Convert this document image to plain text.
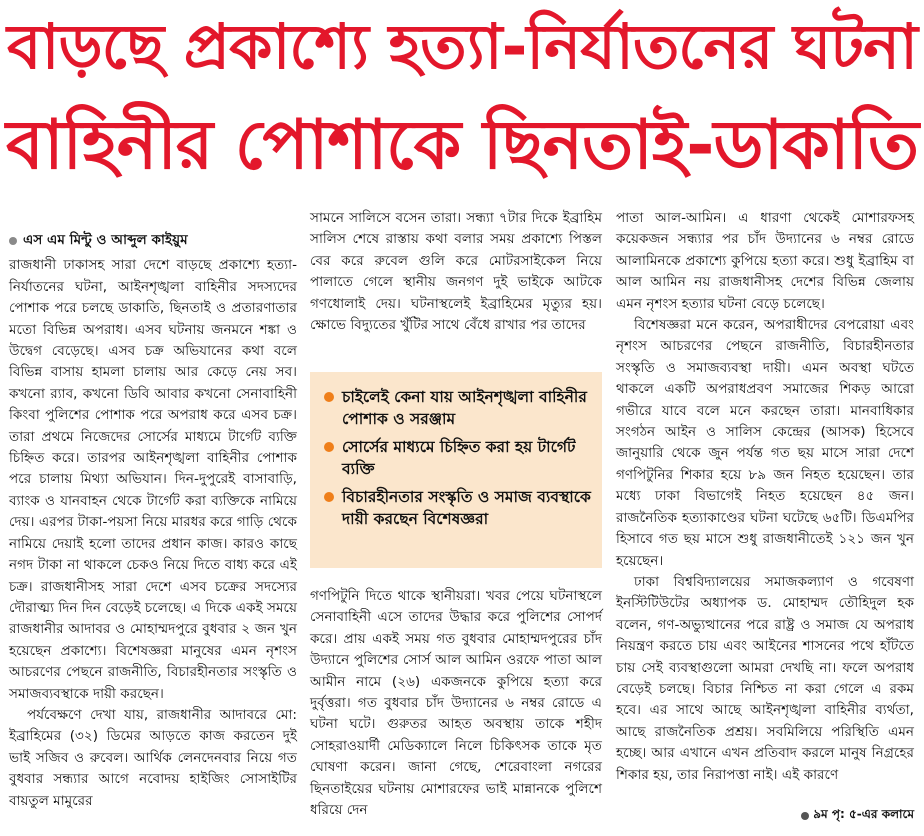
বাড়ছে প্রকাশ্যে হত্যা-নির্যাতনের ঘটনা
বাহিনীর পোশাকে ছিনতাই-ডাকাতি
এস এম মিন্টু ও আব্দুল কাইয়ুম

রাজধানী ঢাকাসহ সারা দেশে বাড়ছে প্রকাশ্যে হত্যা-নির্যাতনের ঘটনা, আইনশৃঙ্খলা বাহিনীর সদস্যদের পোশাক পরে চলছে ডাকাতি, ছিনতাই ও প্রতারণাতার মতো বিভিন্ন অপরাধ। এসব ঘটনায় জনমনে শঙ্কা ও উদ্বেগ বেড়েছে। এসব চক্র অভিযানের কথা বলে বিভিন্ন বাসায় হামলা চালায় আর কেড়ে নেয় সব। কখনো র‍্যাব, কখনো ডিবি আবার কখনো সেনাবাহিনী কিংবা পুলিশের পোশাক পরে অপরাধ করে এসব চক্র। তারা প্রথমে নিজেদের সোর্সের মাধ্যমে টার্গেট ব্যক্তি চিহ্নিত করে। তারপর আইনশৃঙ্খলা বাহিনীর পোশাক পরে চালায় মিথ্যা অভিযান। দিন-দুপুরেই বাসাবাড়ি, ব্যাংক ও যানবাহন থেকে টার্গেট করা ব্যক্তিকে নামিয়ে দেয়। এরপর টাকা-পয়সা নিয়ে মারধর করে গাড়ি থেকে নামিয়ে দেয়াই হলো তাদের প্রধান কাজ। কারও কাছে নগদ টাকা না থাকলে চেকও নিয়ে দিতে বাধ্য করে এই চক্র। রাজধানীসহ সারা দেশে এসব চক্রের সদস্যের দৌরাত্ম্য দিন দিন বেড়েই চলেছে। এ দিকে একই সময়ে রাজধানীর আদাবর ও মোহাম্মদপুরে বুধবার ২ জন খুন হয়েছেন প্রকাশ্যে। বিশেষজ্ঞরা মানুষের এমন নৃশংস আচরণের পেছনে রাজনীতি, বিচারহীনতার সংস্কৃতি ও সমাজব্যবস্থাকে দায়ী করছেন।

পর্যবেক্ষণে দেখা যায়, রাজধানীর আদাবরে মো: ইব্রাহিমের (৩২) ডিমের আড়তে কাজ করতেন দুই ভাই সজিব ও রুবেল। আর্থিক লেনদেনবার নিয়ে গত বুধবার সন্ধ্যার আগে নবোদয় হাইজিং সোসাইটির বায়তুল মামুরের

সামনে সালিসে বসেন তারা। সন্ধ্যা ৭টার দিকে ইব্রাহিম সালিস শেষে রাস্তায় কথা বলার সময় প্রকাশ্যে পিস্তল বের করে রুবেল গুলি করে মোটরসাইকেল নিয়ে পালাতে গেলে স্থানীয় জনগণ দুই ভাইকে আটকে গণধোলাই দেয়। ঘটনাস্থলেই ইব্রাহিমের মৃত্যুর হয়। ক্ষোভে বিদ্যুতের খুঁটির সাথে বেঁধে রাখার পর তাদের

চাইলেই কেনা যায় আইনশৃঙ্খলা বাহিনীর পোশাক ও সরঞ্জাম
সোর্সের মাধ্যমে চিহ্নিত করা হয় টার্গেট ব্যক্তি
বিচারহীনতার সংস্কৃতি ও সমাজ ব্যবস্থাকে দায়ী করছেন বিশেষজ্ঞরা

গণপিটুনি দিতে থাকে স্থানীয়রা। খবর পেয়ে ঘটনাস্থলে সেনাবাহিনী এসে তাদের উদ্ধার করে পুলিশের সোপর্দ করে। প্রায় একই সময় গত বুধবার মোহাম্মদপুরের চাঁদ উদ্যানে পুলিশের সোর্স আল আমিন ওরফে পাতা আল আমীন নামে (২৬) একজনকে কুপিয়ে হত্যা করে দুর্বৃত্তরা। গত বুধবার চাঁদ উদ্যানের ৬ নম্বর রোডে এ ঘটনা ঘটে। গুরুতর আহত অবস্থায় তাকে শহীদ সোহরাওয়ার্দী মেডিক্যালে নিলে চিকিৎসক তাকে মৃত ঘোষণা করেন। জানা গেছে, শেরেবাংলা নগরের ছিনতাইয়ের ঘটনায় মোশারফের ভাই মান্নানকে পুলিশে ধরিয়ে দেন

পাতা আল-আমিন। এ ধারণা থেকেই মোশারফসহ কয়েকজন সন্ধ্যার পর চাঁদ উদ্যানের ৬ নম্বর রোডে আলামিনকে প্রকাশ্যে কুপিয়ে হত্যা করে। শুধু ইব্রাহিম বা আল আমিন নয় রাজধানীসহ দেশের বিভিন্ন জেলায় এমন নৃশংস হত্যার ঘটনা বেড়ে চলেছে।

বিশেষজ্ঞরা মনে করেন, অপরাধীদের বেপরোয়া এবং নৃশংস আচরণের পেছনে রাজনীতি, বিচারহীনতার সংস্কৃতি ও সমাজব্যবস্থা দায়ী। এমন অবস্থা ঘটতে থাকলে একটি অপরাধপ্রবণ সমাজের শিকড় আরো গভীরে যাবে বলে মনে করছেন তারা। মানবাধিকার সংগঠন আইন ও সালিস কেন্দ্রের (আসক) হিসেবে জানুয়ারি থেকে জুন পর্যন্ত গত ছয় মাসে সারা দেশে গণপিটুনির শিকার হয়ে ৮৯ জন নিহত হয়েছেন। তার মধ্যে ঢাকা বিভাগেই নিহত হয়েছেন ৪৫ জন। রাজনৈতিক হত্যাকাণ্ডের ঘটনা ঘটেছে ৬৫টি। ডিএমপির হিসাবে গত ছয় মাসে শুধু রাজধানীতেই ১২১ জন খুন হয়েছেন।

ঢাকা বিশ্ববিদ্যালয়ের সমাজকল্যাণ ও গবেষণা ইনস্টিটিউটের অধ্যাপক ড. মোহাম্মদ তৌহিদুল হক বলেন, গণ-অভ্যুত্থানের পরে রাষ্ট্র ও সমাজ যে অপরাধ নিয়ন্ত্রণ করতে চায় এবং আইনের শাসনের পথে হাঁটতে চায় সেই ব্যবস্থাগুলো আমরা দেখছি না। ফলে অপরাধ বেড়েই চলছে। বিচার নিশ্চিত না করা গেলে এ রকম হবে। এর সাথে আছে আইনশৃঙ্খলা বাহিনীর ব্যর্থতা, আছে রাজনৈতিক প্রশ্রয়। সবমিলিয়ে পরিস্থিতি এমন হচ্ছে। আর এখানে এখন প্রতিবাদ করলে মানুষ নিগ্রহের শিকার হয়, তার নিরাপত্তা নাই। এই কারণে

৯ম পৃ: ৫-এর কলামে
